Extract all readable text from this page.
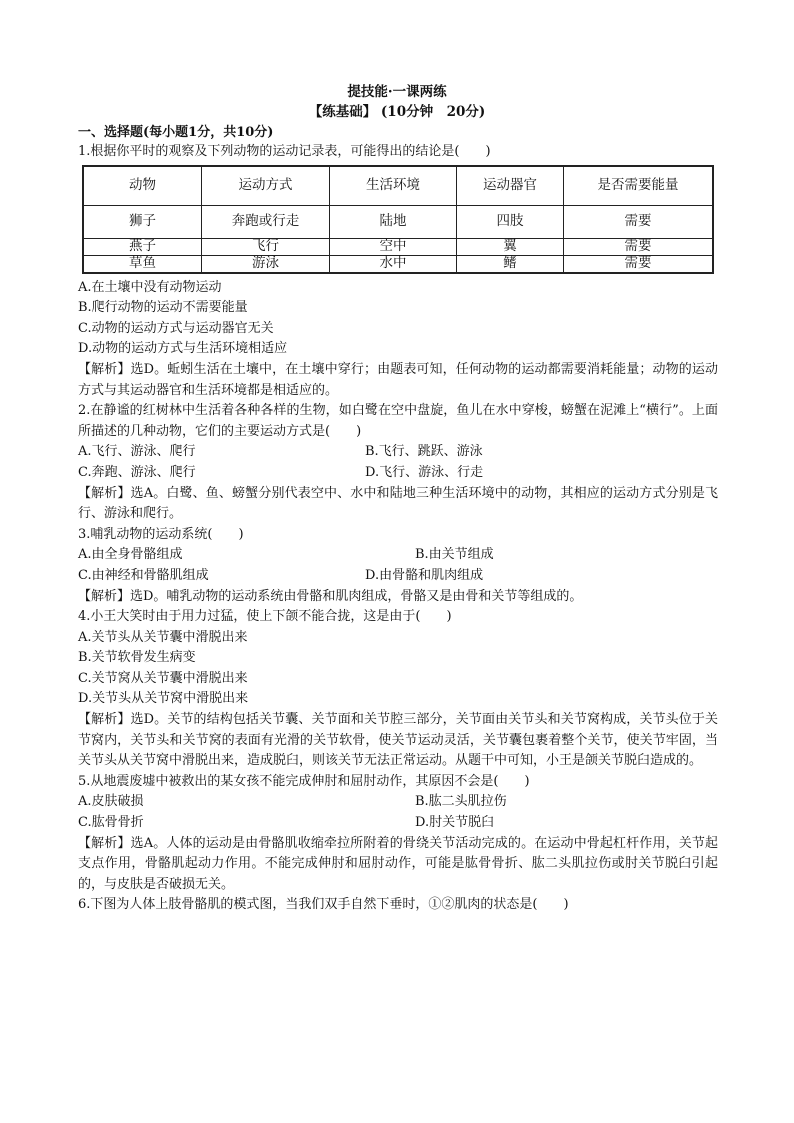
提技能·一课两练
【练基础】 (10分钟　20分)
一、选择题(每小题1分，共10分)
1.根据你平时的观察及下列动物的运动记录表，可能得出的结论是(　　)
动物	运动方式	生活环境	运动器官	是否需要能量
狮子	奔跑或行走	陆地	四肢	需要
燕子	飞行	空中	翼	需要
草鱼	游泳	水中	鳍	需要
A.在土壤中没有动物运动
B.爬行动物的运动不需要能量
C.动物的运动方式与运动器官无关
D.动物的运动方式与生活环境相适应
【解析】选D。蚯蚓生活在土壤中，在土壤中穿行；由题表可知，任何动物的运动都需要消耗能量；动物的运动方式与其运动器官和生活环境都是相适应的。
2.在静谧的红树林中生活着各种各样的生物，如白鹭在空中盘旋，鱼儿在水中穿梭，螃蟹在泥滩上“横行”。上面所描述的几种动物，它们的主要运动方式是(　　)
A.飞行、游泳、爬行	B.飞行、跳跃、游泳
C.奔跑、游泳、爬行	D.飞行、游泳、行走
【解析】选A。白鹭、鱼、螃蟹分别代表空中、水中和陆地三种生活环境中的动物，其相应的运动方式分别是飞行、游泳和爬行。
3.哺乳动物的运动系统(　　)
A.由全身骨骼组成	B.由关节组成
C.由神经和骨骼肌组成	D.由骨骼和肌肉组成
【解析】选D。哺乳动物的运动系统由骨骼和肌肉组成，骨骼又是由骨和关节等组成的。
4.小王大笑时由于用力过猛，使上下颌不能合拢，这是由于(　　)
A.关节头从关节囊中滑脱出来
B.关节软骨发生病变
C.关节窝从关节囊中滑脱出来
D.关节头从关节窝中滑脱出来
【解析】选D。关节的结构包括关节囊、关节面和关节腔三部分，关节面由关节头和关节窝构成，关节头位于关节窝内，关节头和关节窝的表面有光滑的关节软骨，使关节运动灵活，关节囊包裹着整个关节，使关节牢固，当关节头从关节窝中滑脱出来，造成脱臼，则该关节无法正常运动。从题干中可知，小王是颌关节脱臼造成的。
5.从地震废墟中被救出的某女孩不能完成伸肘和屈肘动作，其原因不会是(　　)
A.皮肤破损	B.肱二头肌拉伤
C.肱骨骨折	D.肘关节脱臼
【解析】选A。人体的运动是由骨骼肌收缩牵拉所附着的骨绕关节活动完成的。在运动中骨起杠杆作用，关节起支点作用，骨骼肌起动力作用。不能完成伸肘和屈肘动作，可能是肱骨骨折、肱二头肌拉伤或肘关节脱臼引起的，与皮肤是否破损无关。
6.下图为人体上肢骨骼肌的模式图，当我们双手自然下垂时，①②肌肉的状态是(　　)
